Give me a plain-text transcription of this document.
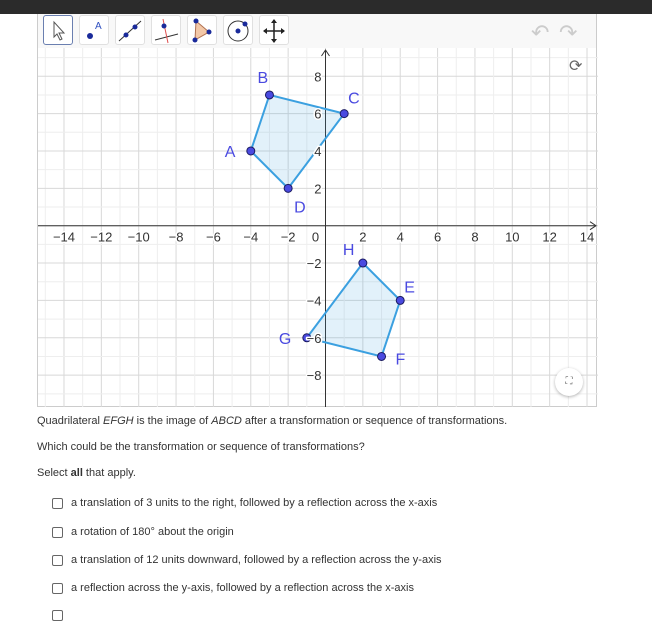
A	↶ ↷
A
B
C
D
E
F
G
H
−14 −12 −10 −8 −6 −4 −2 0	2 4 6 8 10 12 14
−8
−6
−4
−2
2
4
6
8
⟳
⛶
Quadrilateral EFGH is the image of ABCD after a transformation or sequence of transformations.
Which could be the transformation or sequence of transformations?
Select all that apply.
a translation of 3 units to the right, followed by a reflection across the x-axis
a rotation of 180° about the origin
a translation of 12 units downward, followed by a reflection across the y-axis
a reflection across the y-axis, followed by a reflection across the x-axis
